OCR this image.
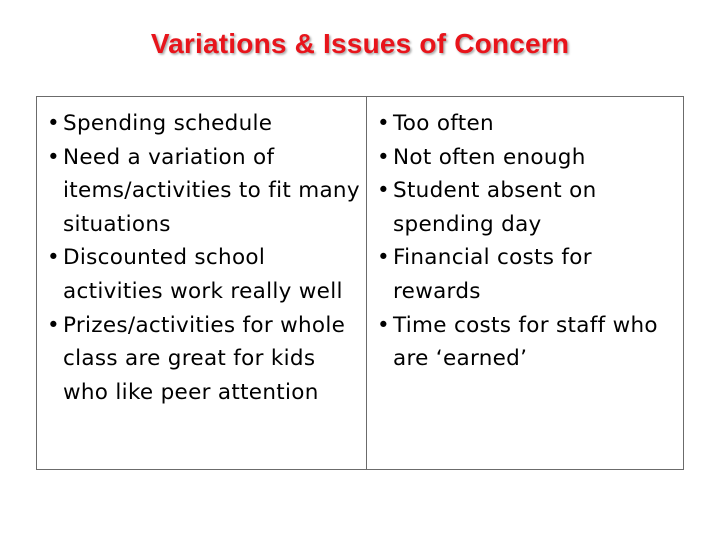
Variations & Issues of Concern
• Spending schedule
• Need a variation of items/activities to fit many situations
• Discounted school activities work really well
• Prizes/activities for whole class are great for kids who like peer attention
• Too often
• Not often enough
• Student absent on spending day
• Financial costs for rewards
• Time costs for staff who are ‘earned’
